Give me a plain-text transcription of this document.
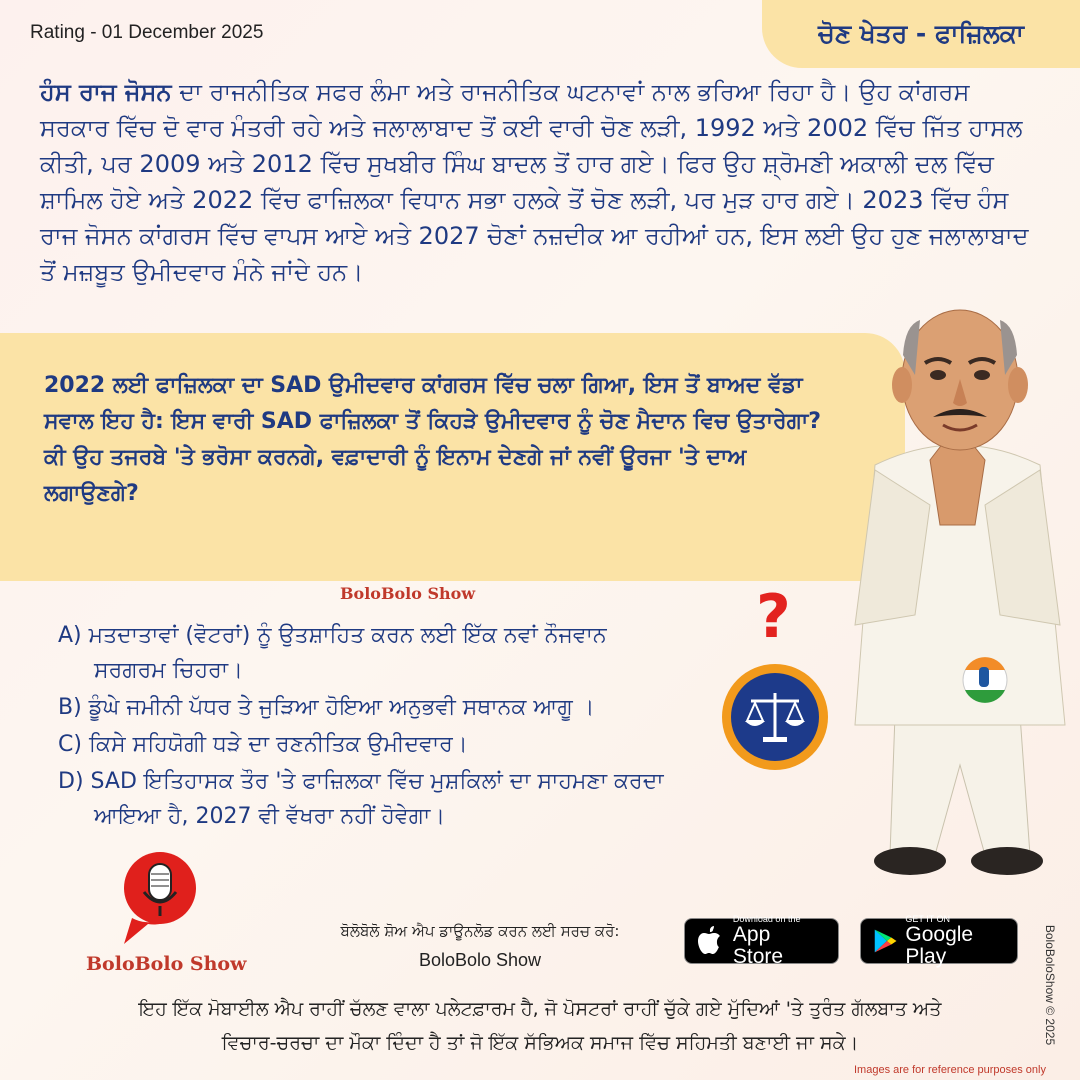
Rating - 01 December 2025	ਚੋਣ ਖੇਤਰ - ਫਾਜ਼ਿਲਕਾ
ਹੰਸ ਰਾਜ ਜੋਸਨ ਦਾ ਰਾਜਨੀਤਿਕ ਸਫਰ ਲੰਮਾ ਅਤੇ ਰਾਜਨੀਤਿਕ ਘਟਨਾਵਾਂ ਨਾਲ ਭਰਿਆ ਰਿਹਾ ਹੈ। ਉਹ ਕਾਂਗਰਸ ਸਰਕਾਰ ਵਿੱਚ ਦੋ ਵਾਰ ਮੰਤਰੀ ਰਹੇ ਅਤੇ ਜਲਾਲਾਬਾਦ ਤੋਂ ਕਈ ਵਾਰੀ ਚੋਣ ਲੜੀ, 1992 ਅਤੇ 2002 ਵਿੱਚ ਜਿੱਤ ਹਾਸਲ ਕੀਤੀ, ਪਰ 2009 ਅਤੇ 2012 ਵਿੱਚ ਸੁਖਬੀਰ ਸਿੰਘ ਬਾਦਲ ਤੋਂ ਹਾਰ ਗਏ। ਫਿਰ ਉਹ ਸ਼੍ਰੋਮਣੀ ਅਕਾਲੀ ਦਲ ਵਿੱਚ ਸ਼ਾਮਿਲ ਹੋਏ ਅਤੇ 2022 ਵਿੱਚ ਫਾਜ਼ਿਲਕਾ ਵਿਧਾਨ ਸਭਾ ਹਲਕੇ ਤੋਂ ਚੋਣ ਲੜੀ, ਪਰ ਮੁੜ ਹਾਰ ਗਏ। 2023 ਵਿੱਚ ਹੰਸ ਰਾਜ ਜੋਸਨ ਕਾਂਗਰਸ ਵਿੱਚ ਵਾਪਸ ਆਏ ਅਤੇ 2027 ਚੋਣਾਂ ਨਜ਼ਦੀਕ ਆ ਰਹੀਆਂ ਹਨ, ਇਸ ਲਈ ਉਹ ਹੁਣ ਜਲਾਲਾਬਾਦ ਤੋਂ ਮਜ਼ਬੂਤ ਉਮੀਦਵਾਰ ਮੰਨੇ ਜਾਂਦੇ ਹਨ।
2022 ਲਈ ਫਾਜ਼ਿਲਕਾ ਦਾ SAD ਉਮੀਦਵਾਰ ਕਾਂਗਰਸ ਵਿੱਚ ਚਲਾ ਗਿਆ, ਇਸ ਤੋਂ ਬਾਅਦ ਵੱਡਾ ਸਵਾਲ ਇਹ ਹੈ: ਇਸ ਵਾਰੀ SAD ਫਾਜ਼ਿਲਕਾ ਤੋਂ ਕਿਹੜੇ ਉਮੀਦਵਾਰ ਨੂੰ ਚੋਣ ਮੈਦਾਨ ਵਿਚ ਉਤਾਰੇਗਾ? ਕੀ ਉਹ ਤਜਰਬੇ 'ਤੇ ਭਰੋਸਾ ਕਰਨਗੇ, ਵਫ਼ਾਦਾਰੀ ਨੂੰ ਇਨਾਮ ਦੇਣਗੇ ਜਾਂ ਨਵੀਂ ਊਰਜਾ 'ਤੇ ਦਾਅ ਲਗਾਉਣਗੇ?
BoloBolo Show
A) ਮਤਦਾਤਾਵਾਂ (ਵੋਟਰਾਂ) ਨੂੰ ਉਤਸ਼ਾਹਿਤ ਕਰਨ ਲਈ ਇੱਕ ਨਵਾਂ ਨੌਜਵਾਨ
ਸਰਗਰਮ ਚਿਹਰਾ।
B) ਡੂੰਘੇ ਜਮੀਨੀ ਪੱਧਰ ਤੇ ਜੁੜਿਆ ਹੋਇਆ ਅਨੁਭਵੀ ਸਥਾਨਕ ਆਗੂ ।
C) ਕਿਸੇ ਸਹਿਯੋਗੀ ਧੜੇ ਦਾ ਰਣਨੀਤਿਕ ਉਮੀਦਵਾਰ।
D) SAD ਇਤਿਹਾਸਕ ਤੌਰ 'ਤੇ ਫਾਜ਼ਿਲਕਾ ਵਿੱਚ ਮੁਸ਼ਕਿਲਾਂ ਦਾ ਸਾਹਮਣਾ ਕਰਦਾ
ਆਇਆ ਹੈ, 2027 ਵੀ ਵੱਖਰਾ ਨਹੀਂ ਹੋਵੇਗਾ।
?
BoloBolo Show
ਬੋਲੋਬੋਲੋ ਸ਼ੋਅ ਐਪ ਡਾਊਨਲੋਡ ਕਰਨ ਲਈ ਸਰਚ ਕਰੋ:
BoloBolo Show
Download on the
App Store
GET IT ON
Google Play
ਇਹ ਇੱਕ ਮੋਬਾਈਲ ਐਪ ਰਾਹੀਂ ਚੱਲਣ ਵਾਲਾ ਪਲੇਟਫ਼ਾਰਮ ਹੈ, ਜੋ ਪੋਸਟਰਾਂ ਰਾਹੀਂ ਚੁੱਕੇ ਗਏ ਮੁੱਦਿਆਂ 'ਤੇ ਤੁਰੰਤ ਗੱਲਬਾਤ ਅਤੇ
ਵਿਚਾਰ-ਚਰਚਾ ਦਾ ਮੌਕਾ ਦਿੰਦਾ ਹੈ ਤਾਂ ਜੋ ਇੱਕ ਸੱਭਿਅਕ ਸਮਾਜ ਵਿੱਚ ਸਹਿਮਤੀ ਬਣਾਈ ਜਾ ਸਕੇ।	BoloBoloShow © 2025
Images are for reference purposes only
